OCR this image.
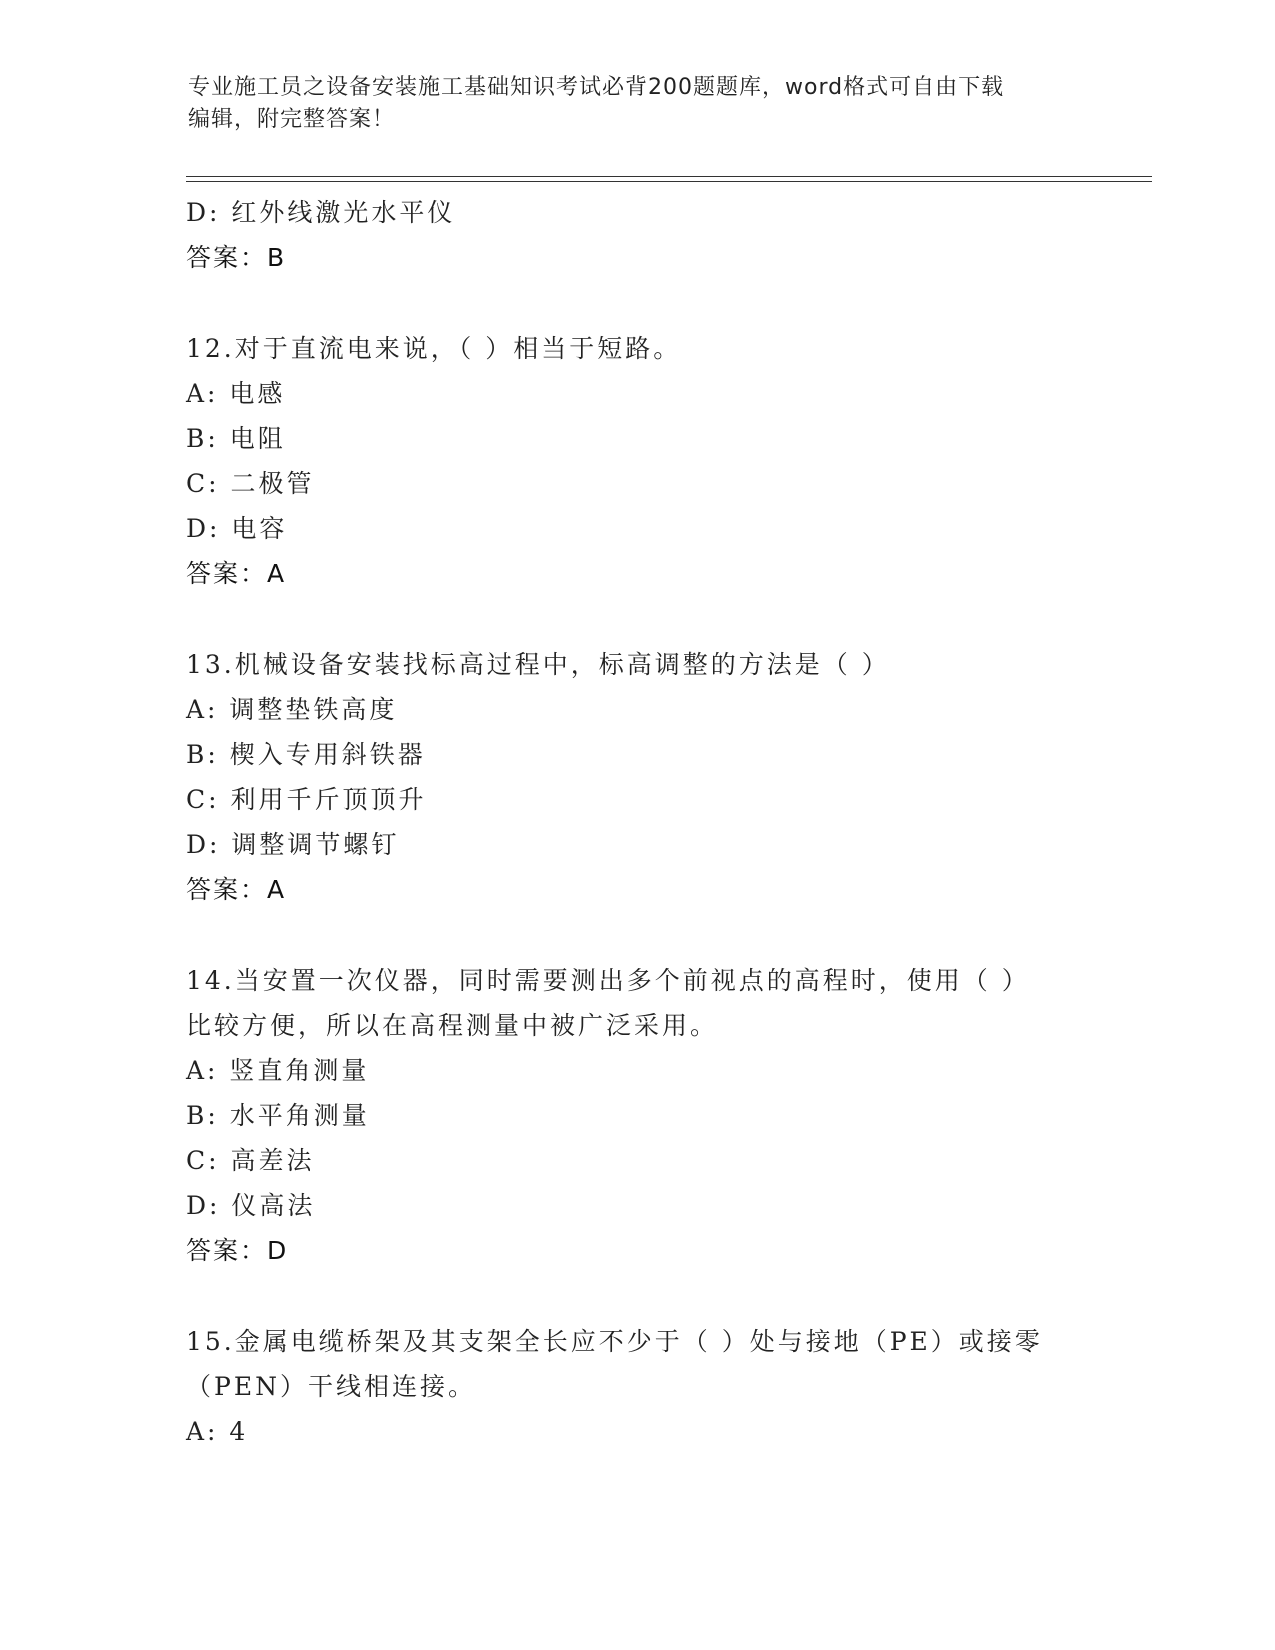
专业施工员之设备安装施工基础知识考试必背200题题库，word格式可自由下载
编辑，附完整答案！
D: 红外线激光水平仪
答案：B
12.对于直流电来说，（ ）相当于短路。
A: 电感
B: 电阻
C: 二极管
D: 电容
答案：A
13.机械设备安装找标高过程中，标高调整的方法是（ ）
A: 调整垫铁高度
B: 楔入专用斜铁器
C: 利用千斤顶顶升
D: 调整调节螺钉
答案：A
14.当安置一次仪器，同时需要测出多个前视点的高程时，使用（ ）
比较方便，所以在高程测量中被广泛采用。
A: 竖直角测量
B: 水平角测量
C: 高差法
D: 仪高法
答案：D
15.金属电缆桥架及其支架全长应不少于（ ）处与接地（PE）或接零
（PEN）干线相连接。
A: 4
